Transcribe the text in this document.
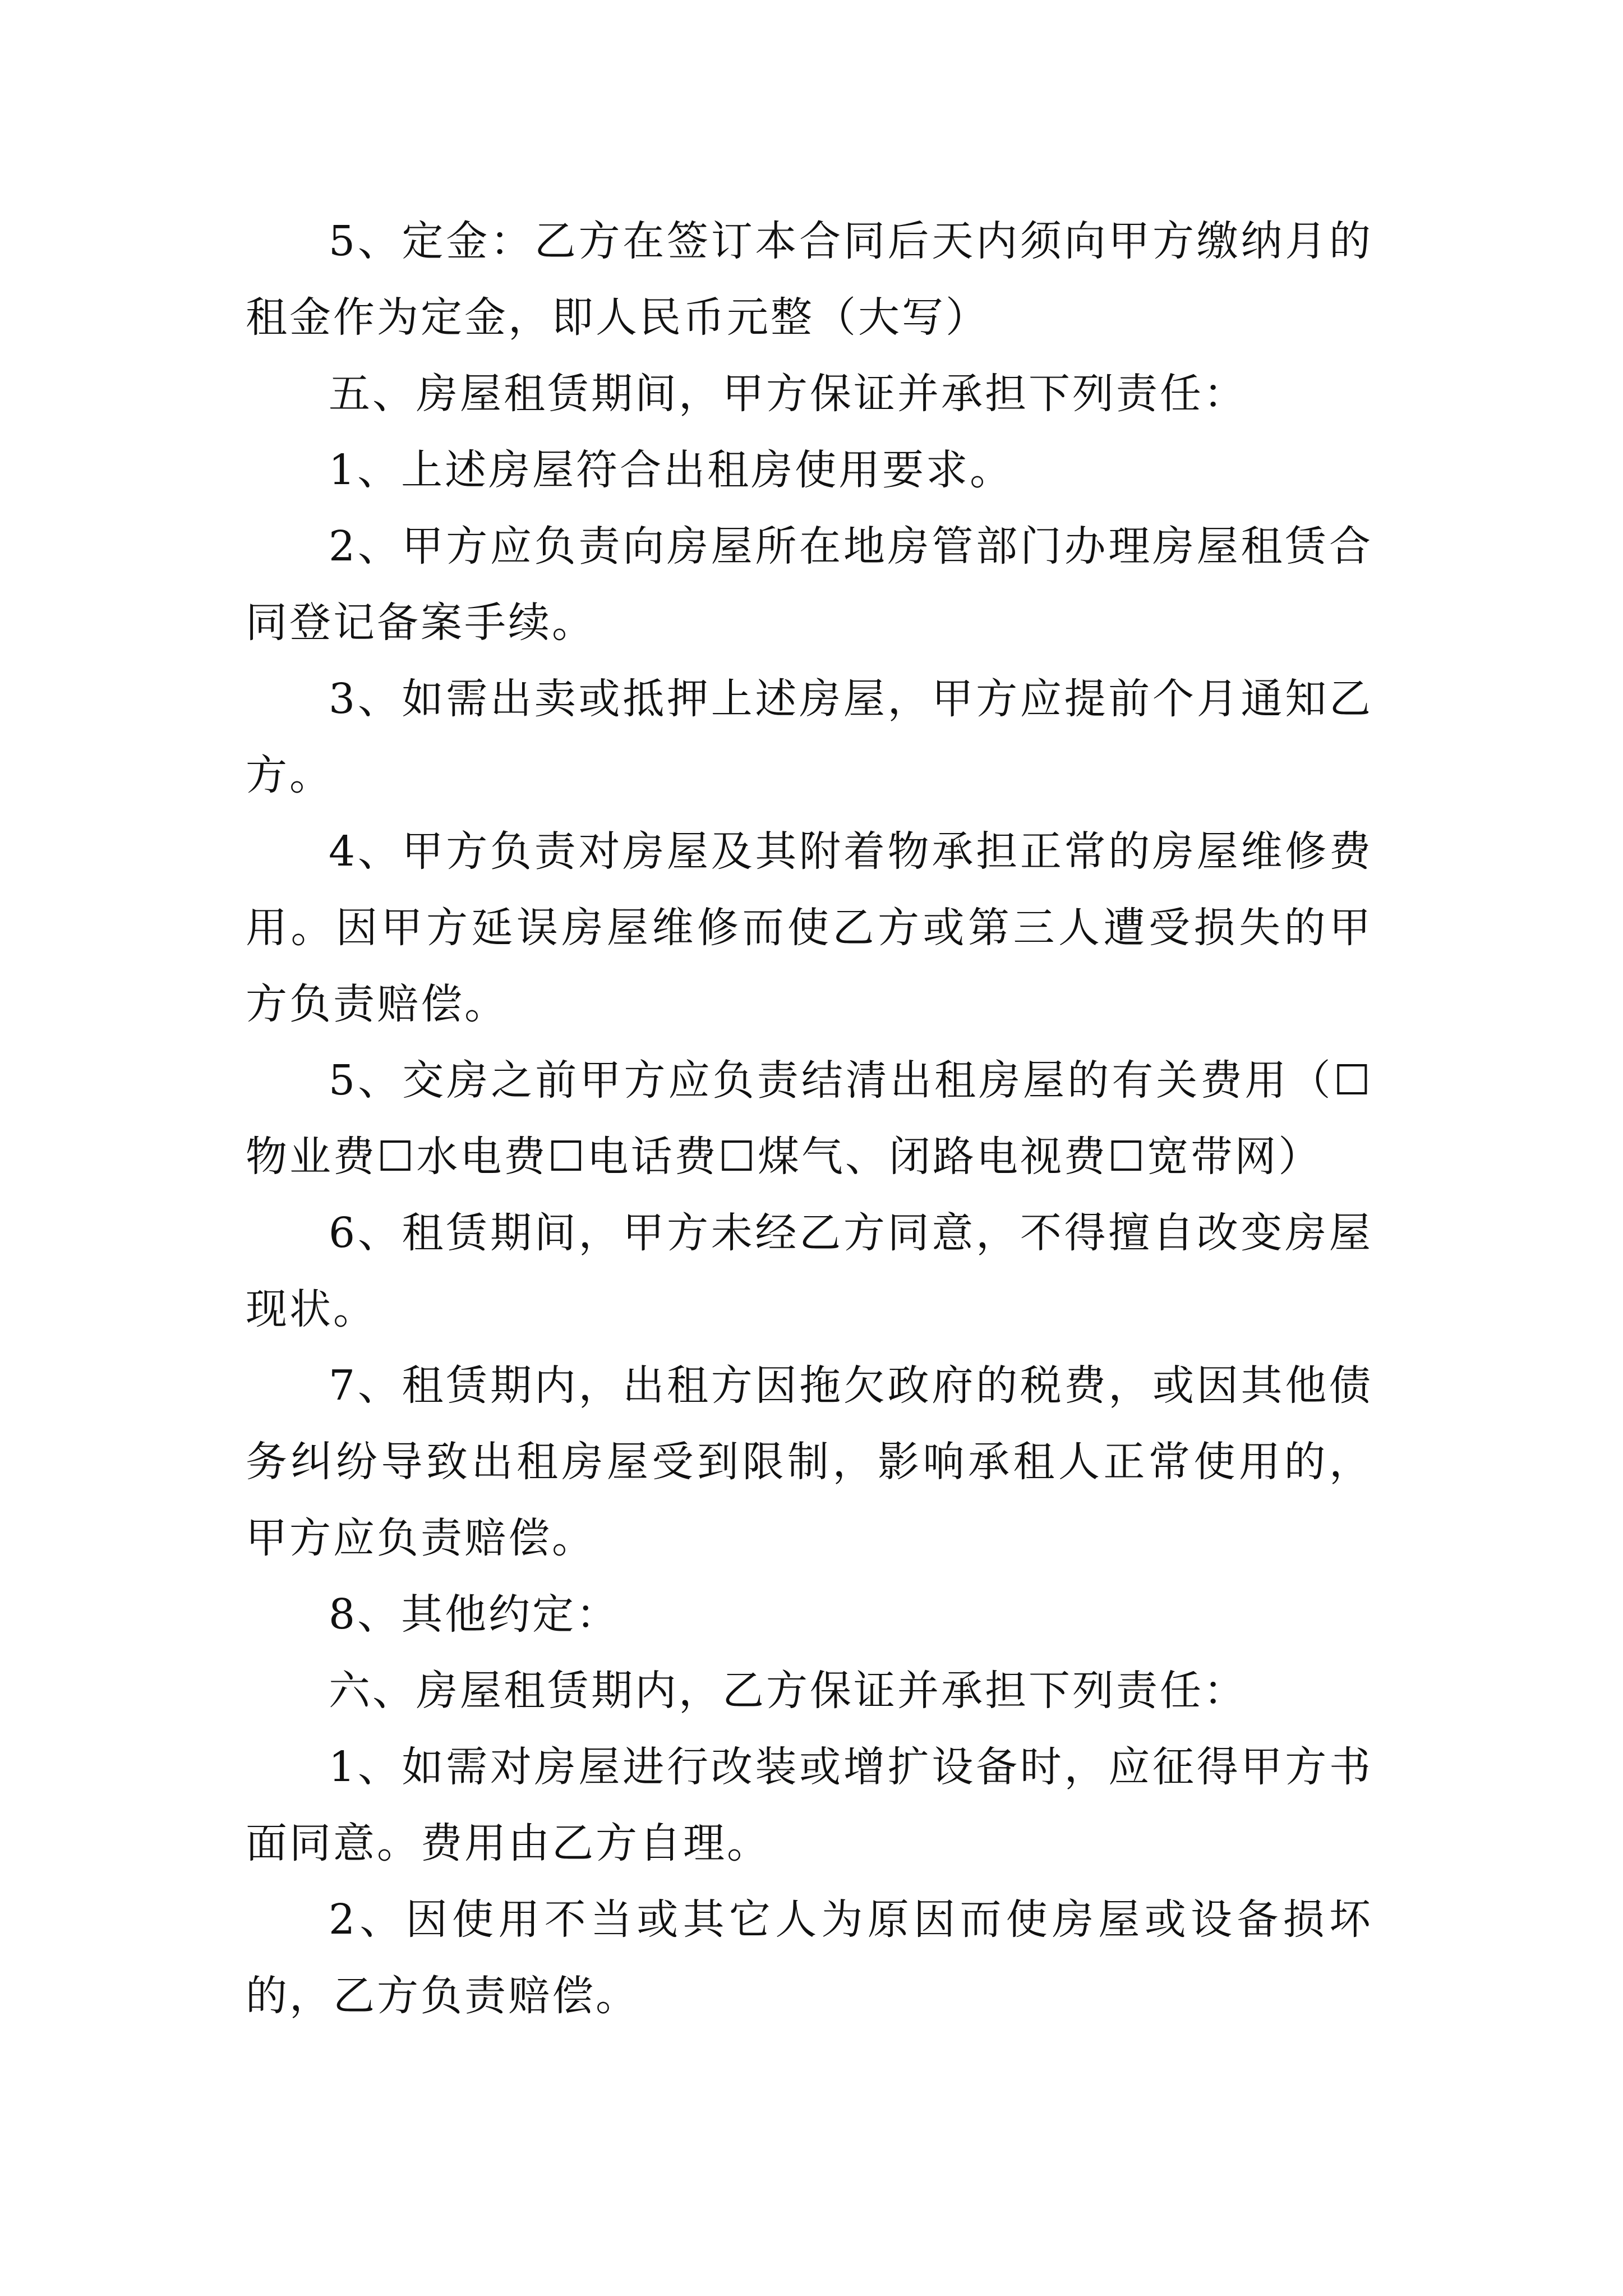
5、定金：乙方在签订本合同后天内须向甲方缴纳月的租金作为定金，即人民币元整（大写）

五、房屋租赁期间，甲方保证并承担下列责任：

1、上述房屋符合出租房使用要求。

2、甲方应负责向房屋所在地房管部门办理房屋租赁合同登记备案手续。

3、如需出卖或抵押上述房屋，甲方应提前个月通知乙方。

4、甲方负责对房屋及其附着物承担正常的房屋维修费用。因甲方延误房屋维修而使乙方或第三人遭受损失的甲方负责赔偿。

5、交房之前甲方应负责结清出租房屋的有关费用（☐物业费☐水电费☐电话费☐煤气、闭路电视费☐宽带网）

6、租赁期间，甲方未经乙方同意，不得擅自改变房屋现状。

7、租赁期内，出租方因拖欠政府的税费，或因其他债务纠纷导致出租房屋受到限制，影响承租人正常使用的，甲方应负责赔偿。

8、其他约定：

六、房屋租赁期内，乙方保证并承担下列责任：

1、如需对房屋进行改装或增扩设备时，应征得甲方书面同意。费用由乙方自理。

2、因使用不当或其它人为原因而使房屋或设备损坏的，乙方负责赔偿。
